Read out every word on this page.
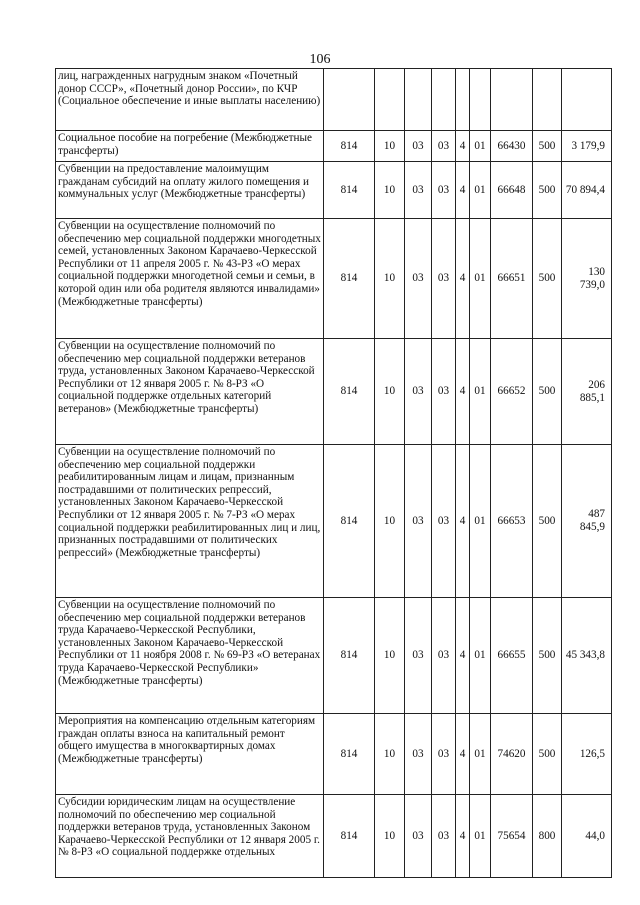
106
лиц, награжденных нагрудным знаком «Почетный донор СССР», «Почетный донор России», по КЧР (Социальное обеспечение и иные выплаты населению)									
Социальное пособие на погребение (Межбюджетные трансферты)	814	10	03	03	4	01	66430	500	3 179,9
Субвенции на предоставление малоимущим гражданам субсидий на оплату жилого помещения и коммунальных услуг (Межбюджетные трансферты)	814	10	03	03	4	01	66648	500	70 894,4
Субвенции на осуществление полномочий по обеспечению мер социальной поддержки многодетных семей, установленных Законом Карачаево-Черкесской Республики от 11 апреля 2005 г. № 43-РЗ «О мерах социальной поддержки многодетной семьи и семьи, в которой один или оба родителя являются инвалидами» (Межбюджетные трансферты)	814	10	03	03	4	01	66651	500	130 739,0
Субвенции на осуществление полномочий по обеспечению мер социальной поддержки ветеранов труда, установленных Законом Карачаево-Черкесской Республики от 12 января 2005 г. № 8-РЗ «О социальной поддержке отдельных категорий ветеранов» (Межбюджетные трансферты)	814	10	03	03	4	01	66652	500	206 885,1
Субвенции на осуществление полномочий по обеспечению мер социальной поддержки реабилитированным лицам и лицам, признанным пострадавшими от политических репрессий, установленных Законом Карачаево-Черкесской Республики от 12 января 2005 г. № 7-РЗ «О мерах социальной поддержки реабилитированных лиц и лиц, признанных пострадавшими от политических репрессий» (Межбюджетные трансферты)	814	10	03	03	4	01	66653	500	487 845,9
Субвенции на осуществление полномочий по обеспечению мер социальной поддержки ветеранов труда Карачаево-Черкесской Республики, установленных Законом Карачаево-Черкесской Республики от 11 ноября 2008 г. № 69-РЗ «О ветеранах труда Карачаево-Черкесской Республики» (Межбюджетные трансферты)	814	10	03	03	4	01	66655	500	45 343,8
Мероприятия на компенсацию отдельным категориям граждан оплаты взноса на капитальный ремонт общего имущества в многоквартирных домах (Межбюджетные трансферты)	814	10	03	03	4	01	74620	500	126,5
Субсидии юридическим лицам на осуществление полномочий по обеспечению мер социальной поддержки ветеранов труда, установленных Законом Карачаево-Черкесской Республики от 12 января 2005 г. № 8-РЗ «О социальной поддержке отдельных	814	10	03	03	4	01	75654	800	44,0
